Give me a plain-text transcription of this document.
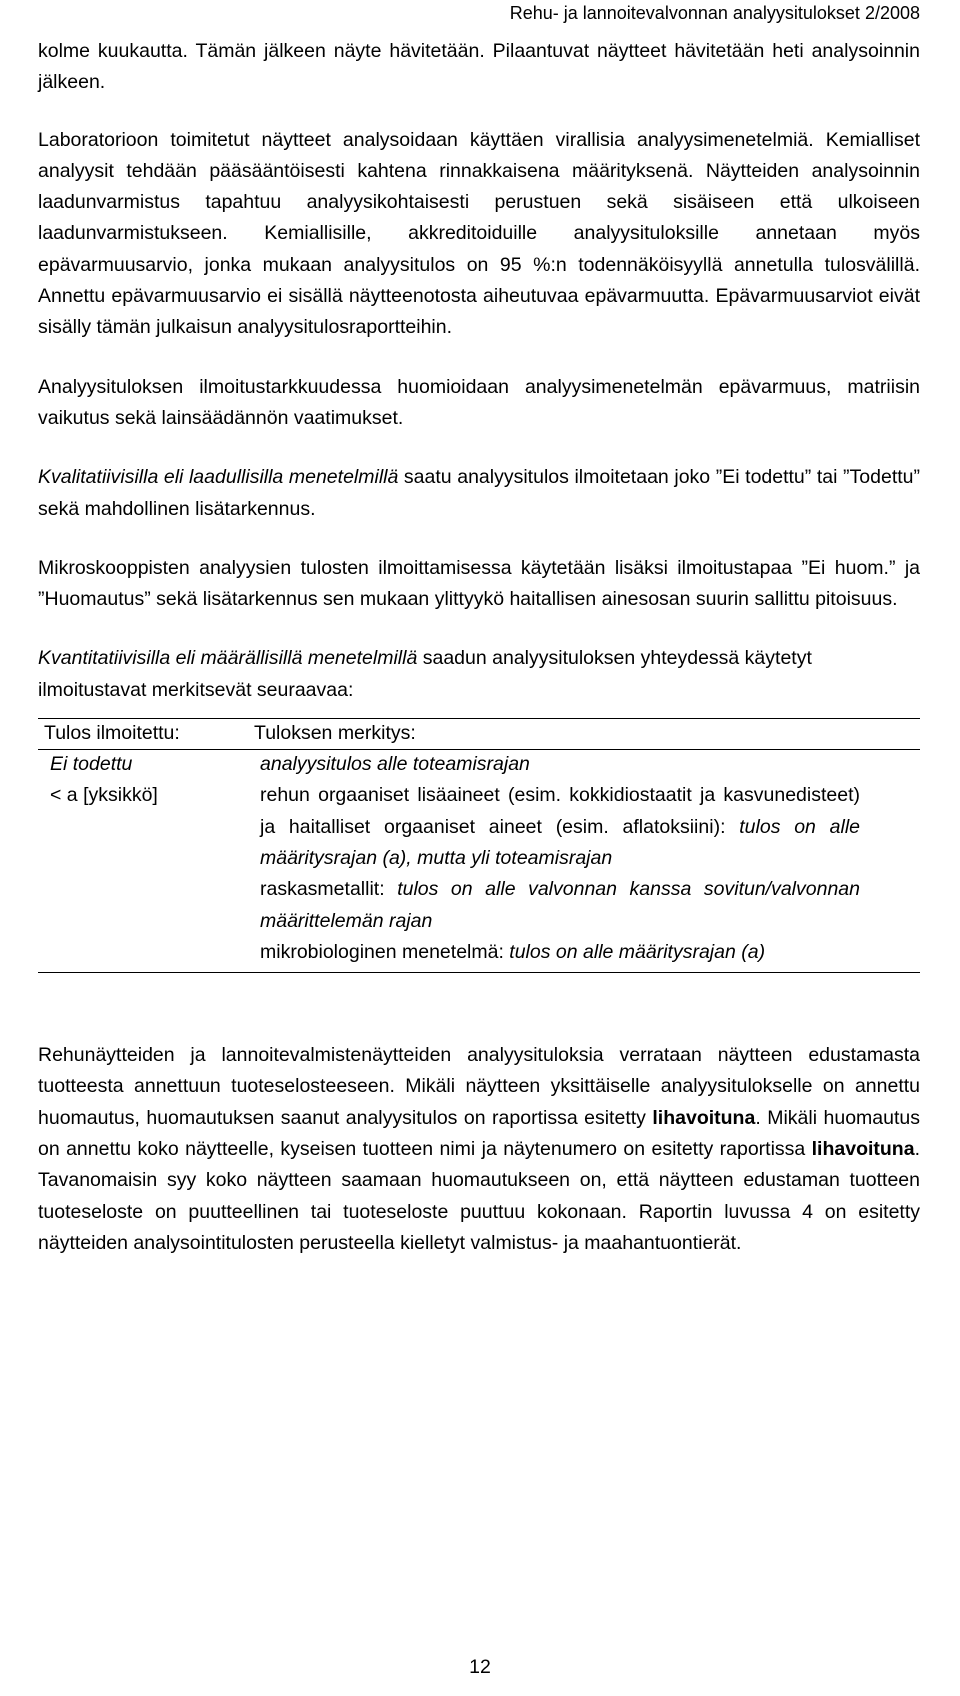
Rehu- ja lannoitevalvonnan analyysitulokset 2/2008

kolme kuukautta. Tämän jälkeen näyte hävitetään. Pilaantuvat näytteet hävitetään heti analysoinnin jälkeen.

Laboratorioon toimitetut näytteet analysoidaan käyttäen virallisia analyysimenetelmiä. Kemialliset analyysit tehdään pääsääntöisesti kahtena rinnakkaisena määrityksenä. Näytteiden analysoinnin laadunvarmistus tapahtuu analyysikohtaisesti perustuen sekä sisäiseen että ulkoiseen laadunvarmistukseen. Kemiallisille, akkreditoiduille analyysituloksille annetaan myös epävarmuusarvio, jonka mukaan analyysitulos on 95 %:n todennäköisyyllä annetulla tulosvälillä. Annettu epävarmuusarvio ei sisällä näytteenotosta aiheutuvaa epävarmuutta. Epävarmuusarviot eivät sisälly tämän julkaisun analyysitulosraportteihin.

Analyysituloksen ilmoitustarkkuudessa huomioidaan analyysimenetelmän epävarmuus, matriisin vaikutus sekä lainsäädännön vaatimukset.

Kvalitatiivisilla eli laadullisilla menetelmillä saatu analyysitulos ilmoitetaan joko ”Ei todettu” tai ”Todettu” sekä mahdollinen lisätarkennus.

Mikroskooppisten analyysien tulosten ilmoittamisessa käytetään lisäksi ilmoitustapaa ”Ei huom.” ja ”Huomautus” sekä lisätarkennus sen mukaan ylittyykö haitallisen ainesosan suurin sallittu pitoisuus.

Kvantitatiivisilla eli määrällisillä menetelmillä saadun analyysituloksen yhteydessä käytetyt ilmoitustavat merkitsevät seuraavaa:

Tulos ilmoitettu:	Tuloksen merkitys:
Ei todettu
< a [yksikkö]
analyysitulos alle toteamisrajan
rehun orgaaniset lisäaineet (esim. kokkidiostaatit ja kasvunedisteet) ja haitalliset orgaaniset aineet (esim. aflatoksiini): tulos on alle määritysrajan (a), mutta yli toteamisrajan
raskasmetallit: tulos on alle valvonnan kanssa sovitun/valvonnan määrittelemän rajan
mikrobiologinen menetelmä: tulos on alle määritysrajan (a)

Rehunäytteiden ja lannoitevalmistenäytteiden analyysituloksia verrataan näytteen edustamasta tuotteesta annettuun tuoteselosteeseen. Mikäli näytteen yksittäiselle analyysitulokselle on annettu huomautus, huomautuksen saanut analyysitulos on raportissa esitetty lihavoituna. Mikäli huomautus on annettu koko näytteelle, kyseisen tuotteen nimi ja näytenumero on esitetty raportissa lihavoituna. Tavanomaisin syy koko näytteen saamaan huomautukseen on, että näytteen edustaman tuotteen tuoteseloste on puutteellinen tai tuoteseloste puuttuu kokonaan. Raportin luvussa 4 on esitetty näytteiden analysointitulosten perusteella kielletyt valmistus- ja maahantuontierät.

12
